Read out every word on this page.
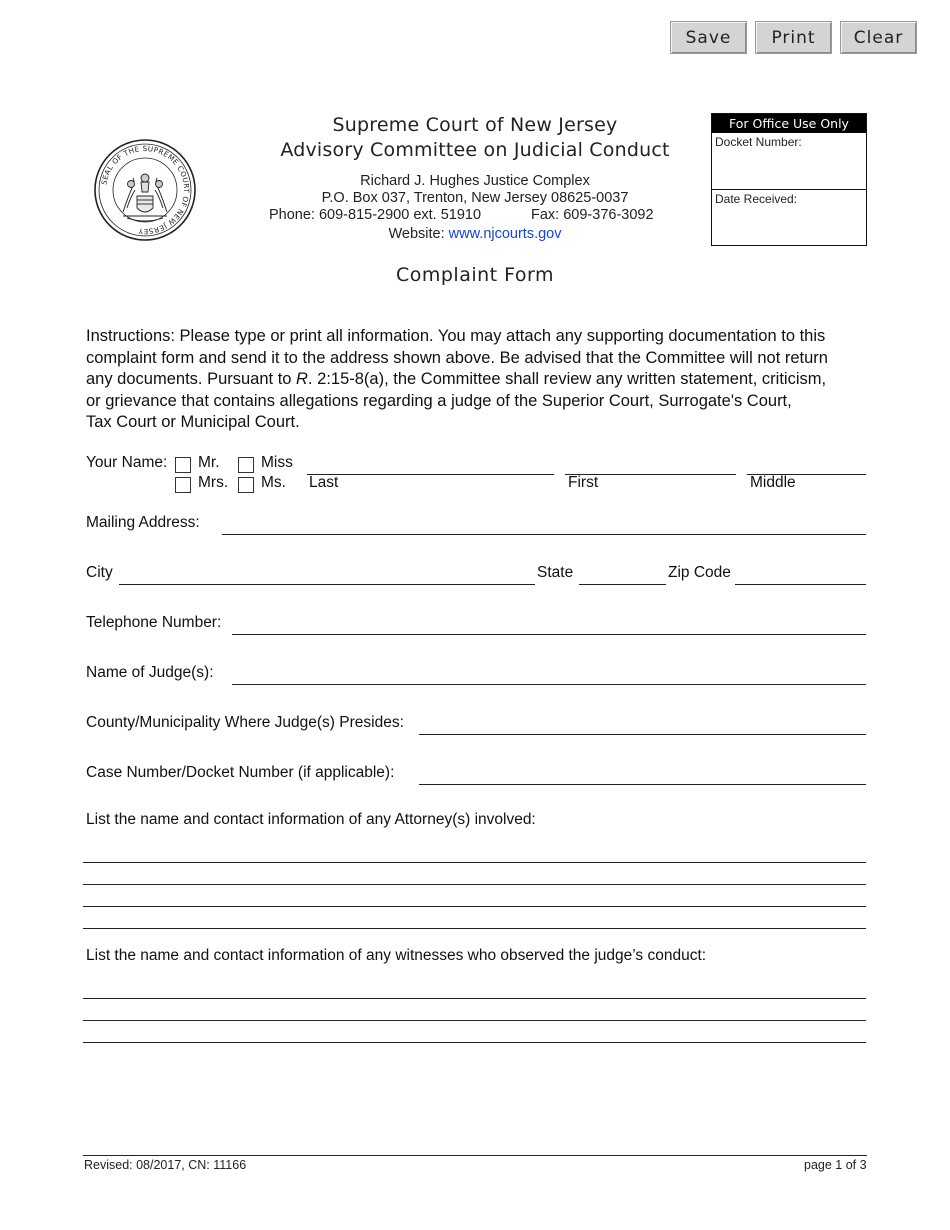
Save	Print	Clear
SEAL OF THE SUPREME COURT OF NEW JERSEY
Supreme Court of New Jersey
Advisory Committee on Judicial Conduct
Richard J. Hughes Justice Complex
P.O. Box 037, Trenton, New Jersey 08625-0037
Phone: 609-815-2900 ext. 51910	Fax: 609-376-3092
Website: www.njcourts.gov
For Office Use Only
Docket Number:
Date Received:
Complaint Form
Instructions: Please type or print all information. You may attach any supporting documentation to this
complaint form and send it to the address shown above. Be advised that the Committee will not return
any documents. Pursuant to R. 2:15-8(a), the Committee shall review any written statement, criticism,
or grievance that contains allegations regarding a judge of the Superior Court, Surrogate's Court,
Tax Court or Municipal Court.
Your Name: Mr.	Miss
Mrs. Ms. Last	First	Middle
Mailing Address:
City	State	Zip Code
Telephone Number:
Name of Judge(s):
County/Municipality Where Judge(s) Presides:
Case Number/Docket Number (if applicable):
List the name and contact information of any Attorney(s) involved:
List the name and contact information of any witnesses who observed the judge’s conduct:
Revised: 08/2017, CN: 11166	page 1 of 3
